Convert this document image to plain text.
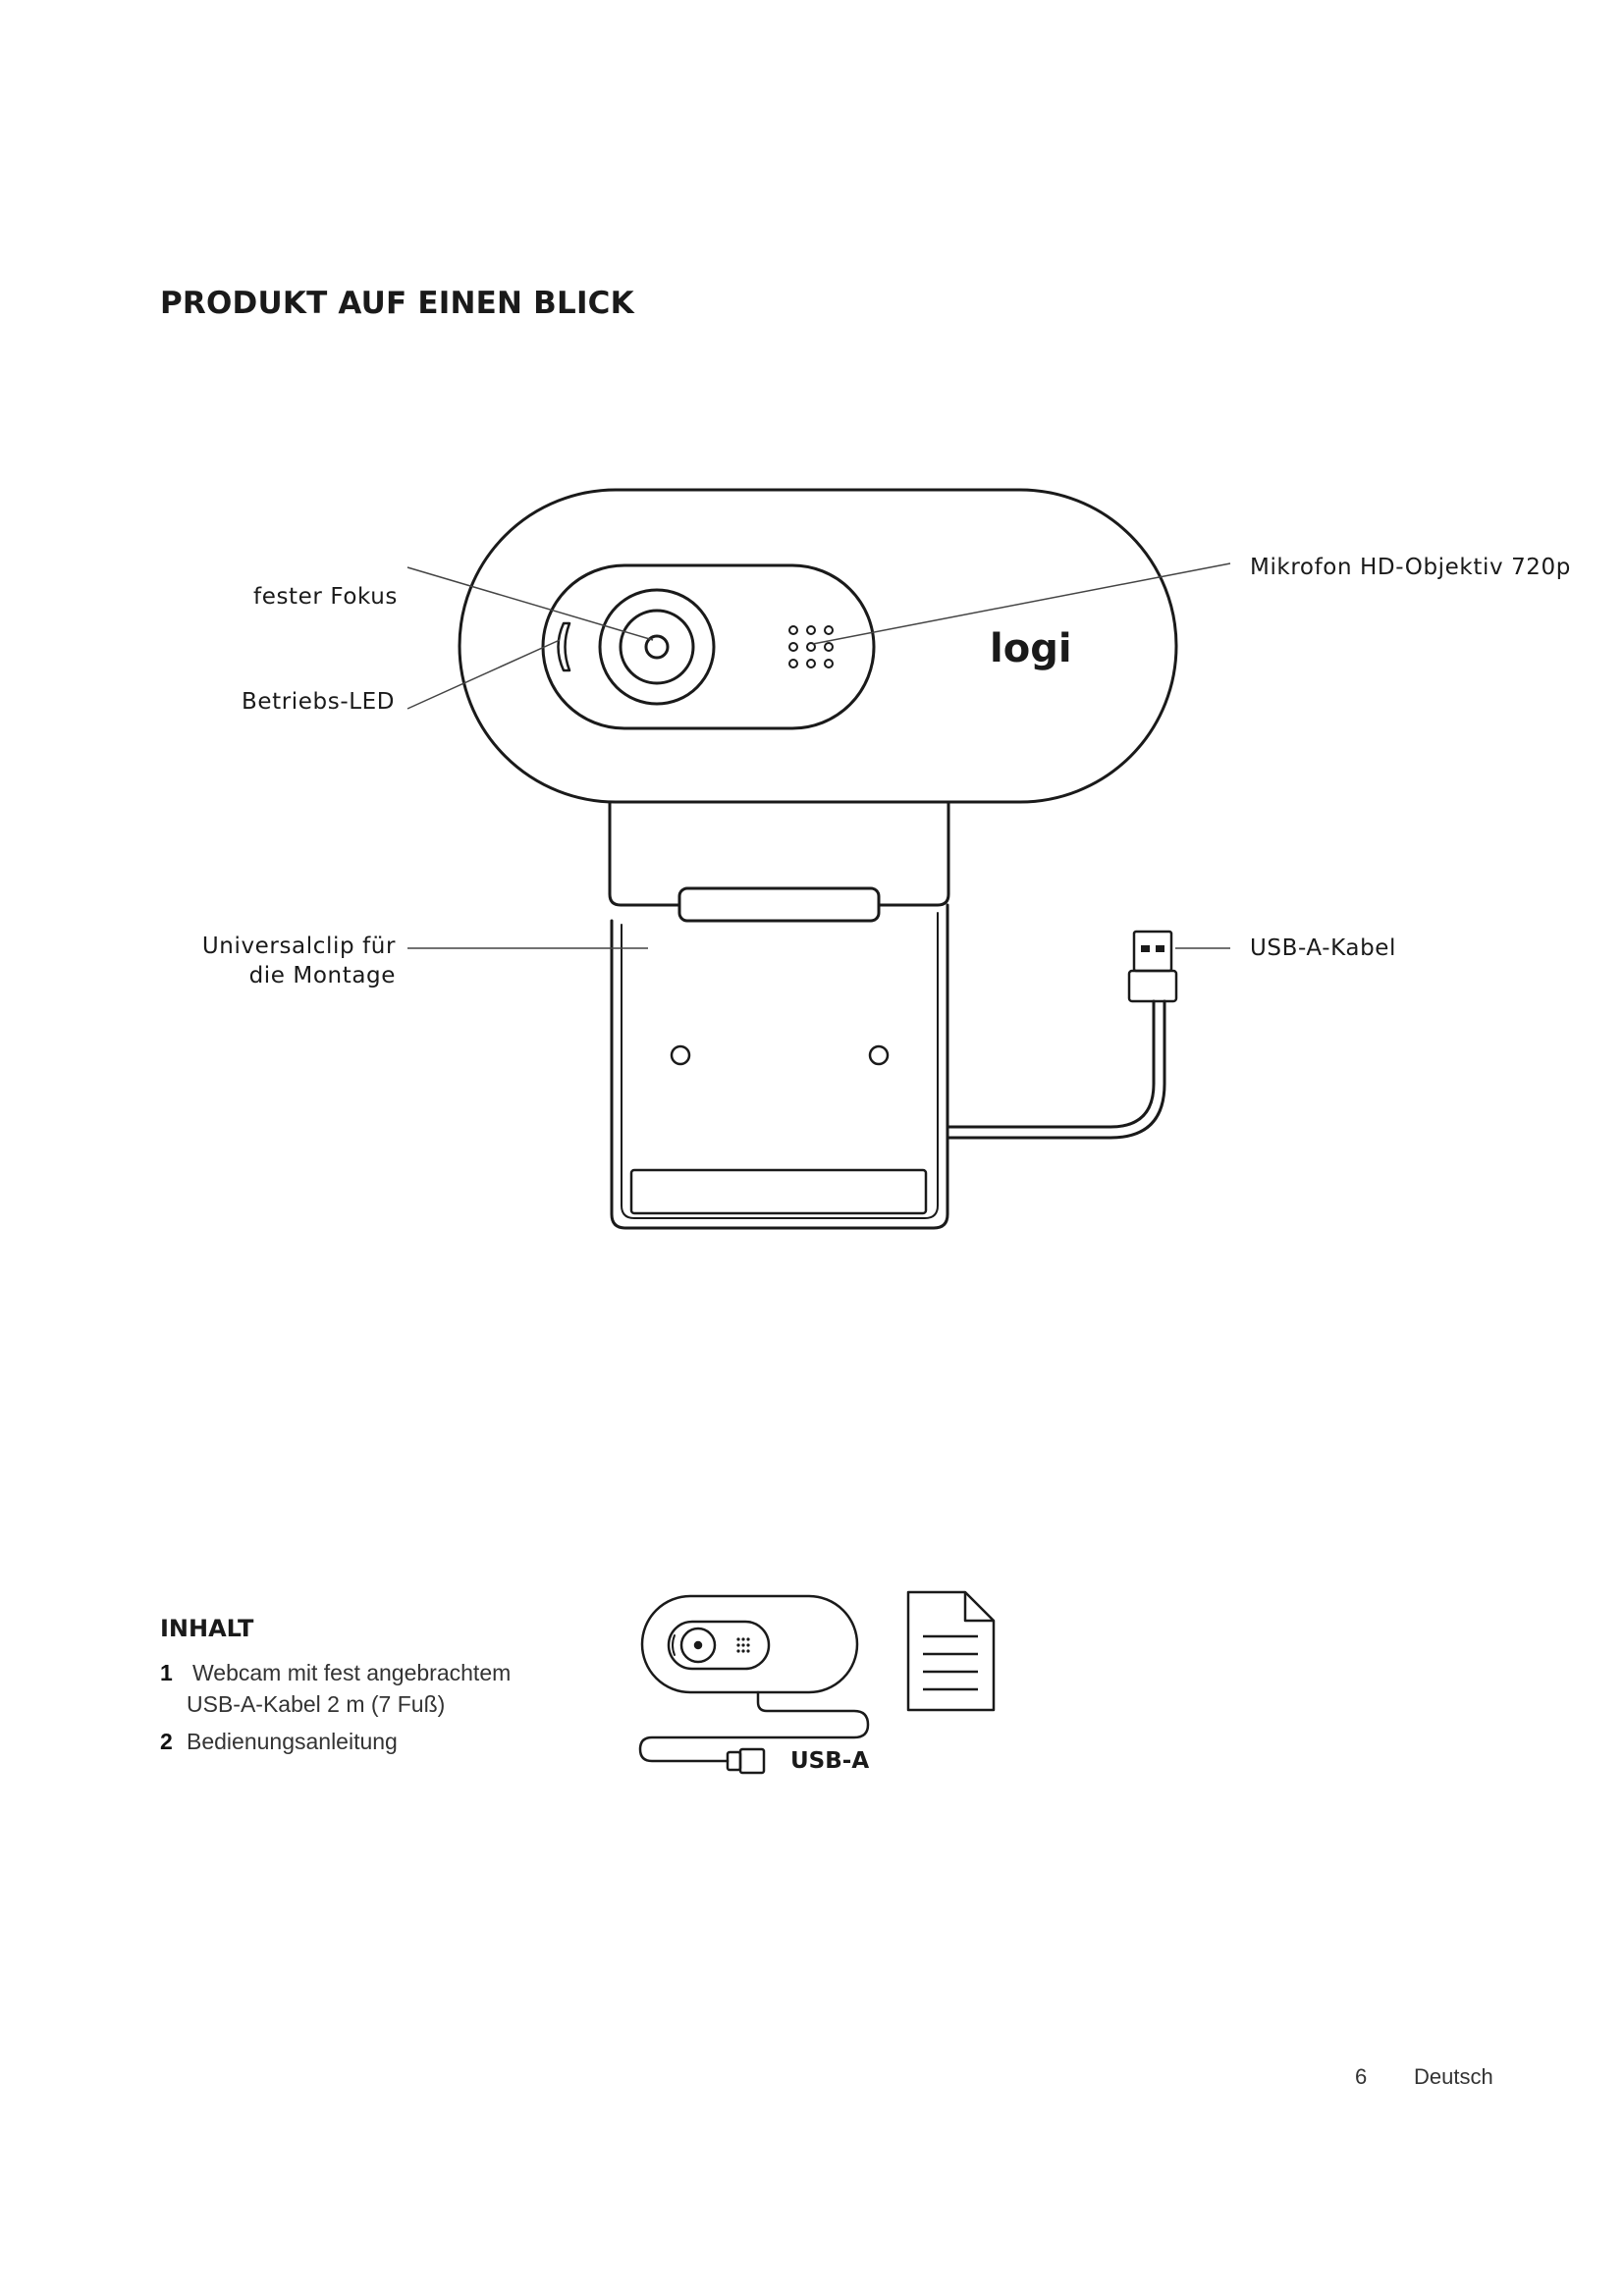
PRODUKT AUF EINEN BLICK
logi
fester Fokus
Betriebs-LED
Universalclip für
die Montage
Mikrofon HD-Objektiv 720p
USB-A-Kabel
INHALT
1 Webcam mit fest angebrachtem
USB-A-Kabel 2 m (7 Fuß)
2 Bedienungsanleitung
USB-A
6 Deutsch
